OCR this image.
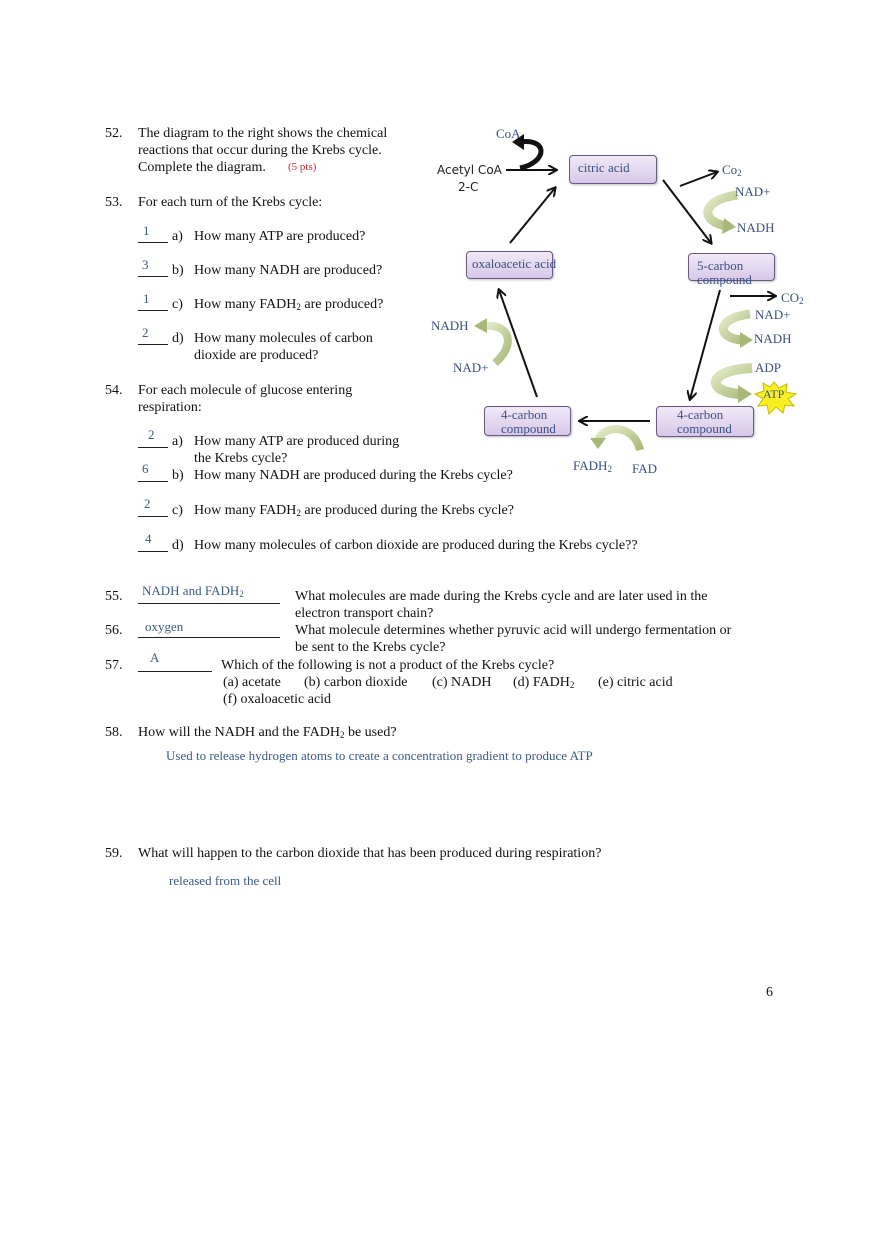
CoA
Acetyl CoA
2-C
citric acid	$Co_2$
NAD+
NADH
5-carbon
compound
$CO_2$
NAD+
NADH
ADP
ATP
4-carbon
compound
$FADH_2$ FAD
4-carbon
compound
NADH
NAD+
oxaloacetic acid
52. The diagram to the right shows the chemical
reactions that occur during the Krebs cycle.
Complete the diagram. (5 pts)
53. For each turn of the Krebs cycle:
1 a) How many ATP are produced?
3 b) How many NADH are produced?
1 c) How many $FADH_2$ are produced?
2 d) How many molecules of carbon
dioxide are produced?
54. For each molecule of glucose entering
respiration:
2 a) How many ATP are produced during
the Krebs cycle?
6 b) How many NADH are produced during the Krebs cycle?
2 c) How many $FADH_2$ are produced during the Krebs cycle?
4 d) How many molecules of carbon dioxide are produced during the Krebs cycle??
55. NADH and $FADH_2$	What molecules are made during the Krebs cycle and are later used in the
electron transport chain?
56. oxygen	What molecule determines whether pyruvic acid will undergo fermentation or
be sent to the Krebs cycle?
57.
A
Which of the following is not a product of the Krebs cycle?
(a) acetate (b) carbon dioxide (c) NADH (d) $FADH_2$ (e) citric acid
(f) oxaloacetic acid
58. How will the NADH and the $FADH_2$ be used?
Used to release hydrogen atoms to create a concentration gradient to produce ATP
59. What will happen to the carbon dioxide that has been produced during respiration?
released from the cell
6
